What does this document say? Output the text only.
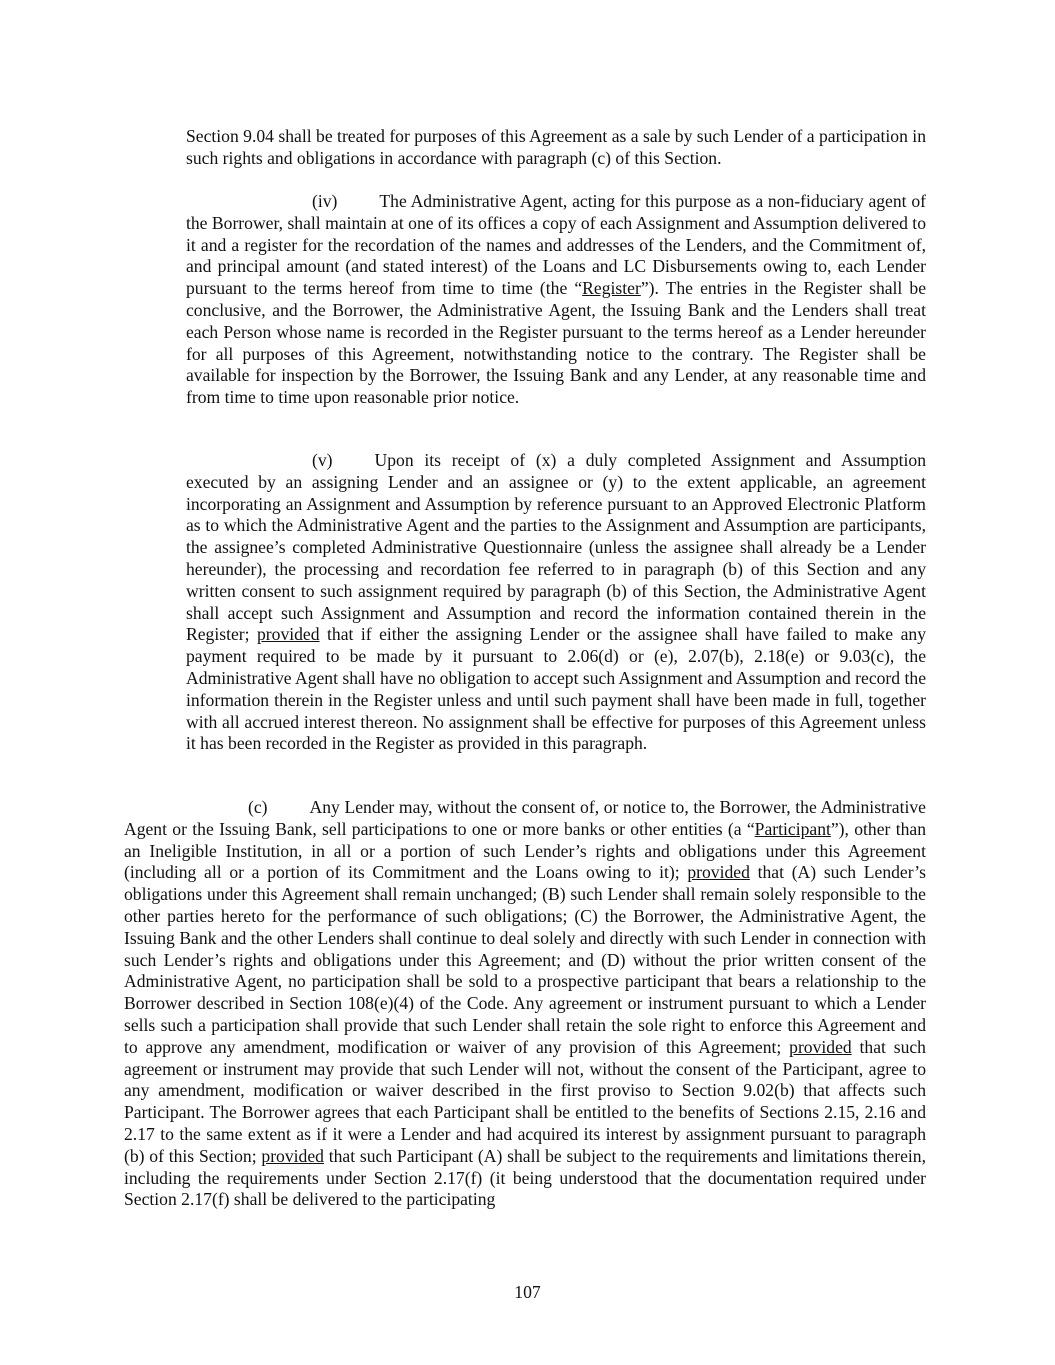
Section 9.04 shall be treated for purposes of this Agreement as a sale by such Lender of a participation in such rights and obligations in accordance with paragraph (c) of this Section.

(iv) The Administrative Agent, acting for this purpose as a non-fiduciary agent of the Borrower, shall maintain at one of its offices a copy of each Assignment and Assumption delivered to it and a register for the recordation of the names and addresses of the Lenders, and the Commitment of, and principal amount (and stated interest) of the Loans and LC Disbursements owing to, each Lender pursuant to the terms hereof from time to time (the “Register”). The entries in the Register shall be conclusive, and the Borrower, the Administrative Agent, the Issuing Bank and the Lenders shall treat each Person whose name is recorded in the Register pursuant to the terms hereof as a Lender hereunder for all purposes of this Agreement, notwithstanding notice to the contrary. The Register shall be available for inspection by the Borrower, the Issuing Bank and any Lender, at any reasonable time and from time to time upon reasonable prior notice.

(v) Upon its receipt of (x) a duly completed Assignment and Assumption executed by an assigning Lender and an assignee or (y) to the extent applicable, an agreement incorporating an Assignment and Assumption by reference pursuant to an Approved Electronic Platform as to which the Administrative Agent and the parties to the Assignment and Assumption are participants, the assignee’s completed Administrative Questionnaire (unless the assignee shall already be a Lender hereunder), the processing and recordation fee referred to in paragraph (b) of this Section and any written consent to such assignment required by paragraph (b) of this Section, the Administrative Agent shall accept such Assignment and Assumption and record the information contained therein in the Register; provided that if either the assigning Lender or the assignee shall have failed to make any payment required to be made by it pursuant to 2.06(d) or (e), 2.07(b), 2.18(e) or 9.03(c), the Administrative Agent shall have no obligation to accept such Assignment and Assumption and record the information therein in the Register unless and until such payment shall have been made in full, together with all accrued interest thereon. No assignment shall be effective for purposes of this Agreement unless it has been recorded in the Register as provided in this paragraph.

(c) Any Lender may, without the consent of, or notice to, the Borrower, the Administrative Agent or the Issuing Bank, sell participations to one or more banks or other entities (a “Participant”), other than an Ineligible Institution, in all or a portion of such Lender’s rights and obligations under this Agreement (including all or a portion of its Commitment and the Loans owing to it); provided that (A) such Lender’s obligations under this Agreement shall remain unchanged; (B) such Lender shall remain solely responsible to the other parties hereto for the performance of such obligations; (C) the Borrower, the Administrative Agent, the Issuing Bank and the other Lenders shall continue to deal solely and directly with such Lender in connection with such Lender’s rights and obligations under this Agreement; and (D) without the prior written consent of the Administrative Agent, no participation shall be sold to a prospective participant that bears a relationship to the Borrower described in Section 108(e)(4) of the Code. Any agreement or instrument pursuant to which a Lender sells such a participation shall provide that such Lender shall retain the sole right to enforce this Agreement and to approve any amendment, modification or waiver of any provision of this Agreement; provided that such agreement or instrument may provide that such Lender will not, without the consent of the Participant, agree to any amendment, modification or waiver described in the first proviso to Section 9.02(b) that affects such Participant. The Borrower agrees that each Participant shall be entitled to the benefits of Sections 2.15, 2.16 and 2.17 to the same extent as if it were a Lender and had acquired its interest by assignment pursuant to paragraph (b) of this Section; provided that such Participant (A) shall be subject to the requirements and limitations therein, including the requirements under Section 2.17(f) (it being understood that the documentation required under Section 2.17(f) shall be delivered to the participating

107
